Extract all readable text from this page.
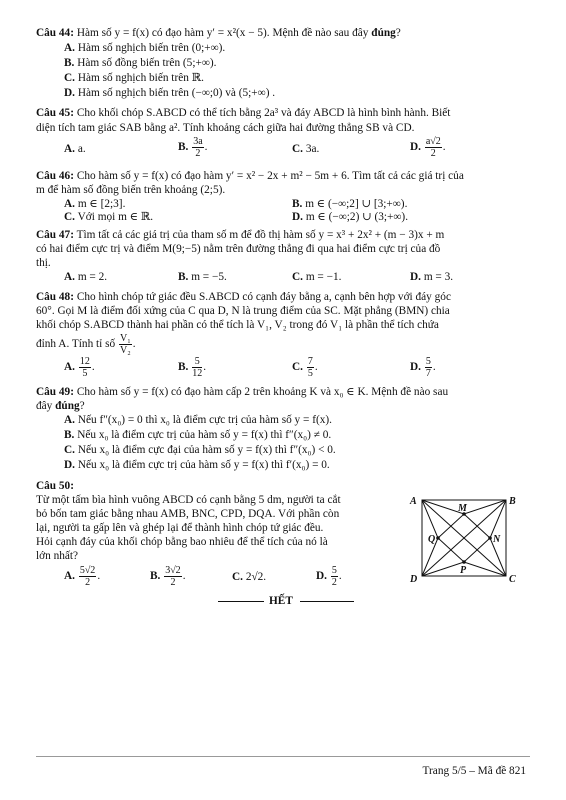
Câu 44: Hàm số y = f(x) có đạo hàm y′ = x²(x − 5). Mệnh đề nào sau đây đúng?
A. Hàm số nghịch biến trên (0;+∞).
B. Hàm số đồng biến trên (5;+∞).
C. Hàm số nghịch biến trên ℝ.
D. Hàm số nghịch biến trên (−∞;0) và (5;+∞) .
Câu 45: Cho khối chóp S.ABCD có thể tích bằng 2a³ và đáy ABCD là hình bình hành. Biết
diện tích tam giác SAB bằng a². Tính khoảng cách giữa hai đường thẳng SB và CD.
A. a.	B. $\frac{3a}{2}$ .	C. 3a.	D. $\frac{a√2}{2}$ .
Câu 46: Cho hàm số y = f(x) có đạo hàm y′ = x² − 2x + m² − 5m + 6. Tìm tất cả các giá trị của
m để hàm số đồng biến trên khoảng (2;5).
A. m ∈ [2;3].	B. m ∈ (−∞;2] ∪ [3;+∞).
C. Với mọi m ∈ ℝ.	D. m ∈ (−∞;2) ∪ (3;+∞).
Câu 47: Tìm tất cả các giá trị của tham số m để đồ thị hàm số y = x³ + 2x² + (m − 3)x + m
có hai điểm cực trị và điểm M(9;−5) nằm trên đường thẳng đi qua hai điểm cực trị của đồ
thị.
A. m = 2.	B. m = −5.	C. m = −1.	D. m = 3.
Câu 48: Cho hình chóp tứ giác đều S.ABCD có cạnh đáy bằng a, cạnh bên hợp với đáy góc
60°. Gọi M là điểm đối xứng của C qua D, N là trung điểm của SC. Mặt phẳng (BMN) chia
khối chóp S.ABCD thành hai phần có thể tích là V₁, V₂ trong đó V₁ là phần thể tích chứa
đỉnh A. Tính tỉ số $\frac{\text{V₁}}{\text{V₂}}$ .
A. $\frac{12}{5}$ .	B. $\frac{5}{12}$ .	C. $\frac{7}{5}$ .	D. $\frac{5}{7}$ .
Câu 49: Cho hàm số y = f(x) có đạo hàm cấp 2 trên khoảng K và x₀ ∈ K. Mệnh đề nào sau
đây đúng?
A. Nếu f″(x₀) = 0 thì x₀ là điểm cực trị của hàm số y = f(x).
B. Nếu x₀ là điểm cực trị của hàm số y = f(x) thì f″(x₀) ≠ 0.
C. Nếu x₀ là điểm cực đại của hàm số y = f(x) thì f″(x₀) < 0.
D. Nếu x₀ là điểm cực trị của hàm số y = f(x) thì f′(x₀) = 0.
Câu 50:
Từ một tấm bìa hình vuông ABCD có cạnh bằng 5 dm, người ta cắt
bỏ bốn tam giác bằng nhau AMB, BNC, CPD, DQA. Với phần còn
lại, người ta gấp lên và ghép lại để thành hình chóp tứ giác đều.
Hỏi cạnh đáy của khối chóp bằng bao nhiêu để thể tích của nó là
lớn nhất?
A. $\frac{5√2}{2}$ .	B. $\frac{3√2}{2}$ .	C. 2√2.	D. $\frac{5}{2}$ .
A	B
C
D
M
N
P
Q
HẾT
Trang 5/5 – Mã đề 821
